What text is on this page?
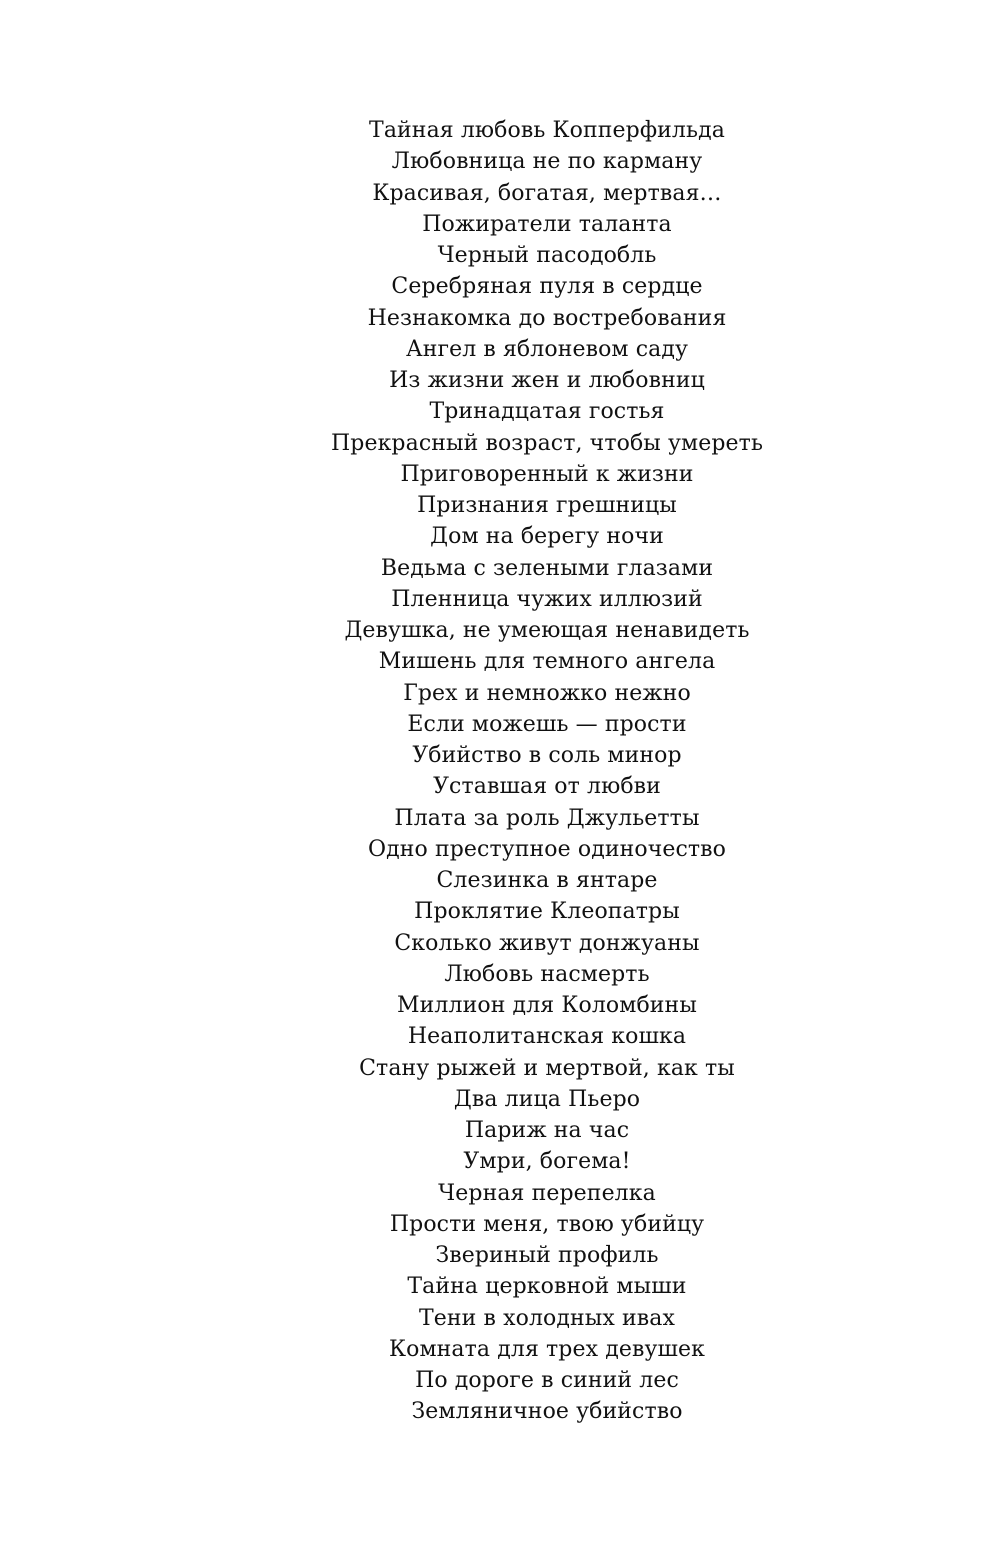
Тайная любовь Копперфильда
Любовница не по карману
Красивая, богатая, мертвая…
Пожиратели таланта
Черный пасодобль
Серебряная пуля в сердце
Незнакомка до востребования
Ангел в яблоневом саду
Из жизни жен и любовниц
Тринадцатая гостья
Прекрасный возраст, чтобы умереть
Приговоренный к жизни
Признания грешницы
Дом на берегу ночи
Ведьма с зелеными глазами
Пленница чужих иллюзий
Девушка, не умеющая ненавидеть
Мишень для темного ангела
Грех и немножко нежно
Если можешь — прости
Убийство в соль минор
Уставшая от любви
Плата за роль Джульетты
Одно преступное одиночество
Слезинка в янтаре
Проклятие Клеопатры
Сколько живут донжуаны
Любовь насмерть
Миллион для Коломбины
Неаполитанская кошка
Стану рыжей и мертвой, как ты
Два лица Пьеро
Париж на час
Умри, богема!
Черная перепелка
Прости меня, твою убийцу
Звериный профиль
Тайна церковной мыши
Тени в холодных ивах
Комната для трех девушек
По дороге в синий лес
Земляничное убийство
